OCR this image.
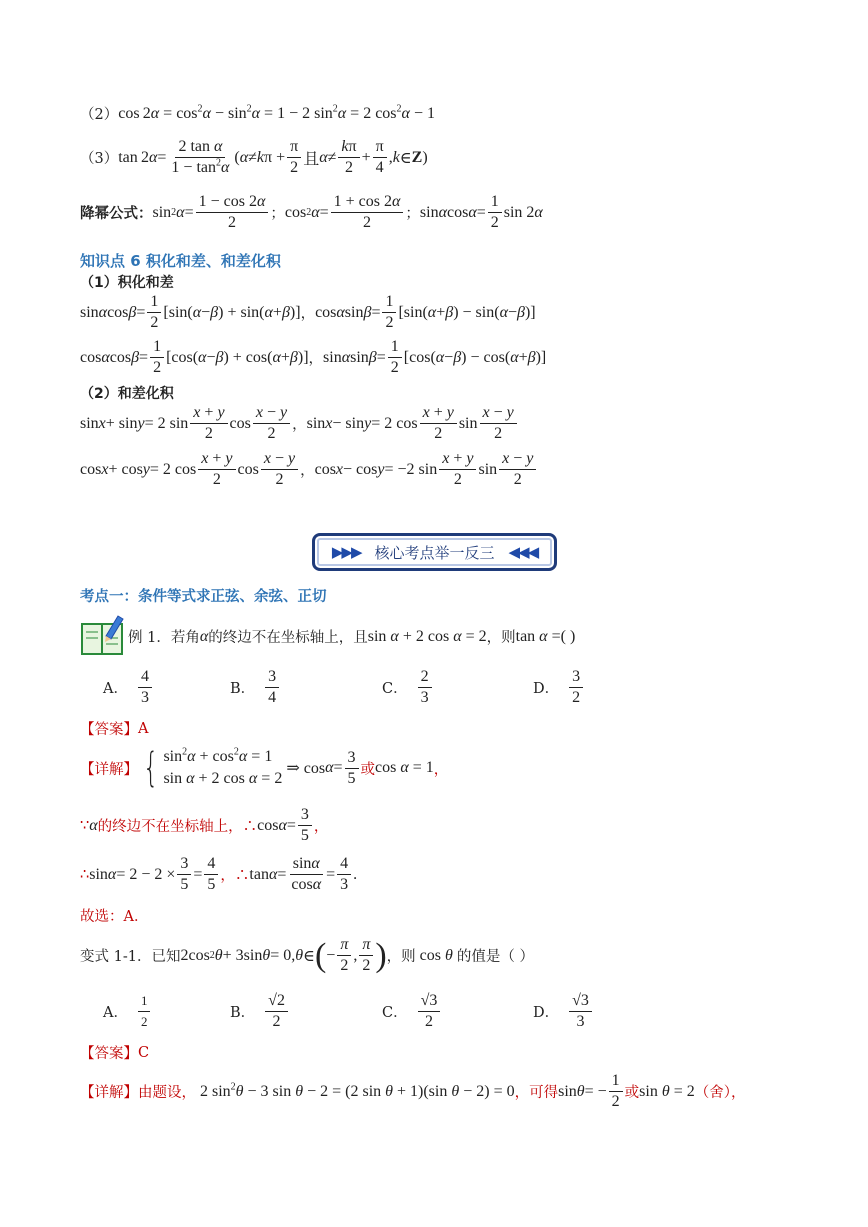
（2） $\cos 2\alpha = \cos^2\alpha - \sin^2\alpha = 1 - 2$ $\sin^2\alpha = 2$ $\cos^2\alpha - 1$
（3） tan 2 $\alpha = \frac{\text{2 tan α}}{1 - \tan^2\alpha}$ ( α ≠ k $\pi + \frac{\pi}{2}$ 且 $\alpha \ne \frac{k\pi}{2} + \frac{\pi}{4}$ , k ∈ Z )
降幂公式： sin 2 $\alpha = \frac{1 - \cos 2\alpha}{2}$ ； cos 2 $\alpha = \frac{1 + \cos 2\alpha}{2}$ ； sin α $\cos \alpha = \frac{1}{2}$ sin 2 α
知识点 6 积化和差、和差化积
（1）积化和差
sin α $\cos \beta = \frac{1}{2} [\sin$( α − β ) + sin( α + β )] ， cos α $\sin \beta = \frac{1}{2} [\sin$( α + β ) − sin( α − β )]
cos α $\cos \beta = \frac{1}{2} [\cos$( α − β ) + cos( α + β )] ， sin α $\sin \beta = \frac{1}{2} [\cos$( α − β ) − cos( α + β )]
（2）和差化积
sin x + sin y = 2 $\sin \frac{x + y}{2}$ $\cos \frac{x - y}{2}$ ， sin x − sin y = 2 $\cos \frac{x + y}{2}$ $\sin \frac{x - y}{2}$
cos x + cos y = 2 $\cos \frac{x + y}{2}$ $\cos \frac{x - y}{2}$ ， cos x − cos y = −2 $\sin \frac{x + y}{2}$ $\sin \frac{x - y}{2}$
▶▶▶ 核心考点举一反三 ◀◀◀
考点一：条件等式求正弦、余弦、正切
例 1．若角 α 的终边不在坐标轴上，且 sin α + 2 cos α = 2 ，则 tan α = ( )
A． $\frac{4}{3}$	B． $\frac{3}{4}$	C． $\frac{2}{3}$	D． $\frac{3}{2}$
【答案】 A
【详解】 { $\sin^2\alpha + \cos^2\alpha = 1$
sin α + 2 cos α = 2
⇒ $\cos \alpha = \frac{3}{5}$ 或 cos α = 1 ，
∵ α 的终边不在坐标轴上，∴ $\cos \alpha = \frac{3}{5}$ ，
∴ $\sin \alpha = 2 - 2 \times \frac{3}{5} = \frac{4}{5}$ ，∴ $\tan \alpha = \frac{\sin\alpha}{\cos\alpha} = \frac{4}{3}$ .
故选：A．
变式 1-1．已知 2cos 2 θ + 3sin θ = 0, θ ∈ ( − $\frac{\pi}{2}$ , $\frac{\pi}{2}$ ) ，则 cos θ 的值是（ ）
A． $\frac{1}{2}$	B． $\frac{√2}{2}$	C． $\frac{√3}{2}$	D． $\frac{√3}{3}$
【答案】 C
【详解】 由题设， 2 $\sin^2\theta - 3$ sin θ − 2 = (2 sin θ + 1)(sin θ − 2) = 0 ，可得 sin θ = − $\frac{1}{2}$ 或 sin θ = 2 （舍），
